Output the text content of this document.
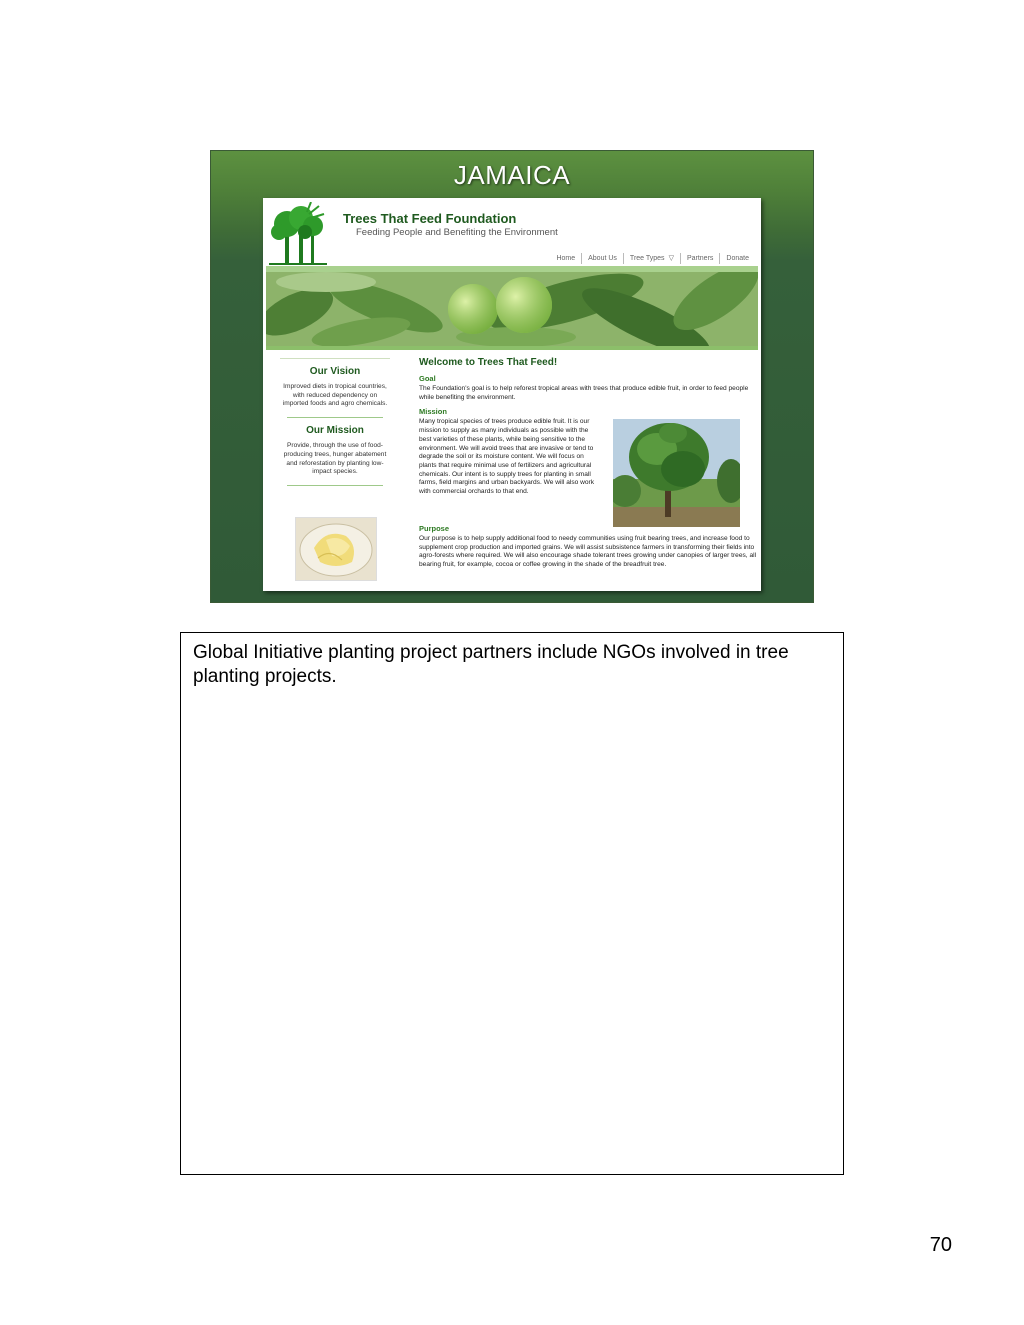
JAMAICA
Trees That Feed Foundation
Feeding People and Benefiting the Environment
Home	About Us	Tree Types ▽	Partners	Donate
Our Vision

Improved diets in tropical countries, with reduced dependency on imported foods and agro chemicals.

Our Mission

Provide, through the use of food-producing trees, hunger abatement and reforestation by planting low-impact species.

Welcome to Trees That Feed!
Goal

The Foundation's goal is to help reforest tropical areas with trees that produce edible fruit, in order to feed people while benefiting the environment.

Mission

Many tropical species of trees produce edible fruit. It is our mission to supply as many individuals as possible with the best varieties of these plants, while being sensitive to the environment. We will avoid trees that are invasive or tend to degrade the soil or its moisture content. We will focus on plants that require minimal use of fertilizers and agricultural chemicals. Our intent is to supply trees for planting in small farms, field margins and urban backyards. We will also work with commercial orchards to that end.

Purpose

Our purpose is to help supply additional food to needy communities using fruit bearing trees, and increase food to supplement crop production and imported grains. We will assist subsistence farmers in transforming their fields into agro-forests where required. We will also encourage shade tolerant trees growing under canopies of larger trees, all bearing fruit, for example, cocoa or coffee growing in the shade of the breadfruit tree.

Global Initiative planting project partners include NGOs involved in tree planting projects.
70
